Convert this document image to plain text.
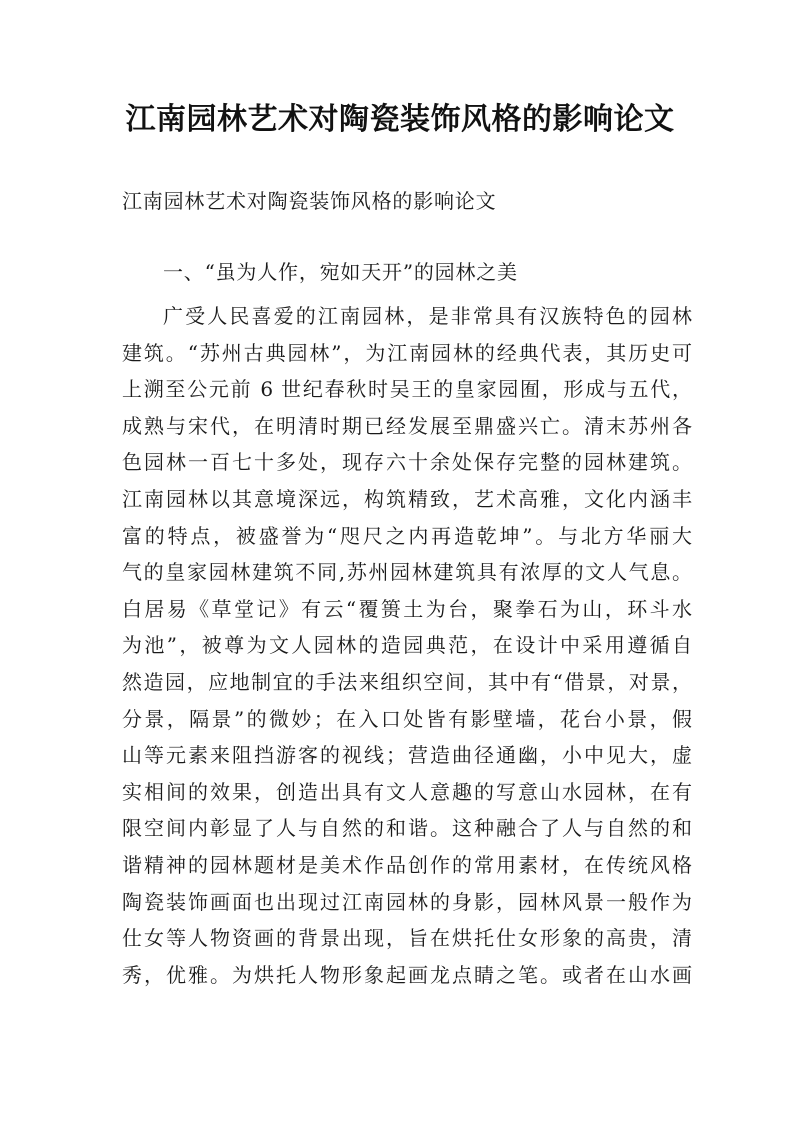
江南园林艺术对陶瓷装饰风格的影响论文
江南园林艺术对陶瓷装饰风格的影响论文
一、“虽为人作，宛如天开”的园林之美
广受人民喜爱的江南园林，是非常具有汉族特色的园林
建筑。“苏州古典园林”，为江南园林的经典代表，其历史可
上溯至公元前 6 世纪春秋时吴王的皇家园囿，形成与五代，
成熟与宋代，在明清时期已经发展至鼎盛兴亡。清末苏州各
色园林一百七十多处，现存六十余处保存完整的园林建筑。
江南园林以其意境深远，构筑精致，艺术高雅，文化内涵丰
富的特点，被盛誉为“咫尺之内再造乾坤”。与北方华丽大
气的皇家园林建筑不同,苏州园林建筑具有浓厚的文人气息。
白居易《草堂记》有云“覆篑土为台，聚拳石为山，环斗水
为池”，被尊为文人园林的造园典范，在设计中采用遵循自
然造园，应地制宜的手法来组织空间，其中有“借景，对景，
分景，隔景”的微妙；在入口处皆有影壁墙，花台小景，假
山等元素来阻挡游客的视线；营造曲径通幽，小中见大，虚
实相间的效果，创造出具有文人意趣的写意山水园林，在有
限空间内彰显了人与自然的和谐。这种融合了人与自然的和
谐精神的园林题材是美术作品创作的常用素材，在传统风格
陶瓷装饰画面也出现过江南园林的身影，园林风景一般作为
仕女等人物资画的背景出现，旨在烘托仕女形象的高贵，清
秀，优雅。为烘托人物形象起画龙点睛之笔。或者在山水画
